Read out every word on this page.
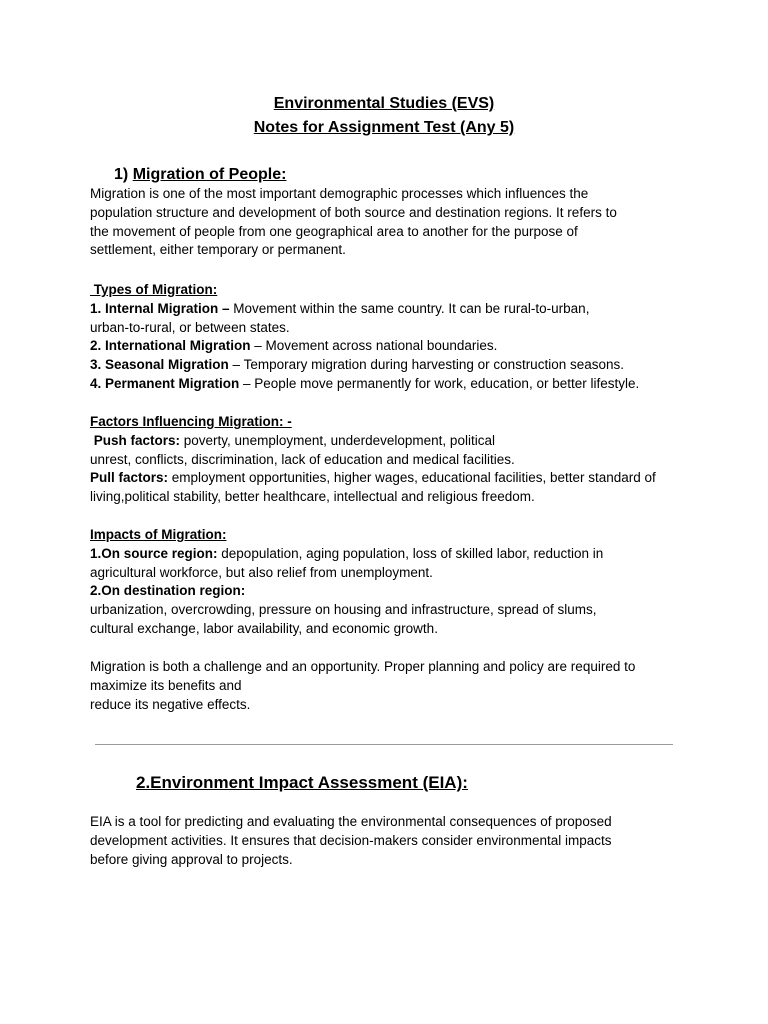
Environmental Studies (EVS)
Notes for Assignment Test (Any 5)
1) Migration of People:
Migration is one of the most important demographic processes which influences the
population structure and development of both source and destination regions. It refers to
the movement of people from one geographical area to another for the purpose of
settlement, either temporary or permanent.
Types of Migration:
1. Internal Migration – Movement within the same country. It can be rural-to-urban,
urban-to-rural, or between states.
2. International Migration – Movement across national boundaries.
3. Seasonal Migration – Temporary migration during harvesting or construction seasons.
4. Permanent Migration – People move permanently for work, education, or better lifestyle.
Factors Influencing Migration: -
Push factors: poverty, unemployment, underdevelopment, political
unrest, conflicts, discrimination, lack of education and medical facilities.
Pull factors: employment opportunities, higher wages, educational facilities, better standard of
living,political stability, better healthcare, intellectual and religious freedom.
Impacts of Migration:
1.On source region: depopulation, aging population, loss of skilled labor, reduction in
agricultural workforce, but also relief from unemployment.
2.On destination region:
urbanization, overcrowding, pressure on housing and infrastructure, spread of slums,
cultural exchange, labor availability, and economic growth.
Migration is both a challenge and an opportunity. Proper planning and policy are required to
maximize its benefits and
reduce its negative effects.
2.Environment Impact Assessment (EIA):
EIA is a tool for predicting and evaluating the environmental consequences of proposed
development activities. It ensures that decision-makers consider environmental impacts
before giving approval to projects.
